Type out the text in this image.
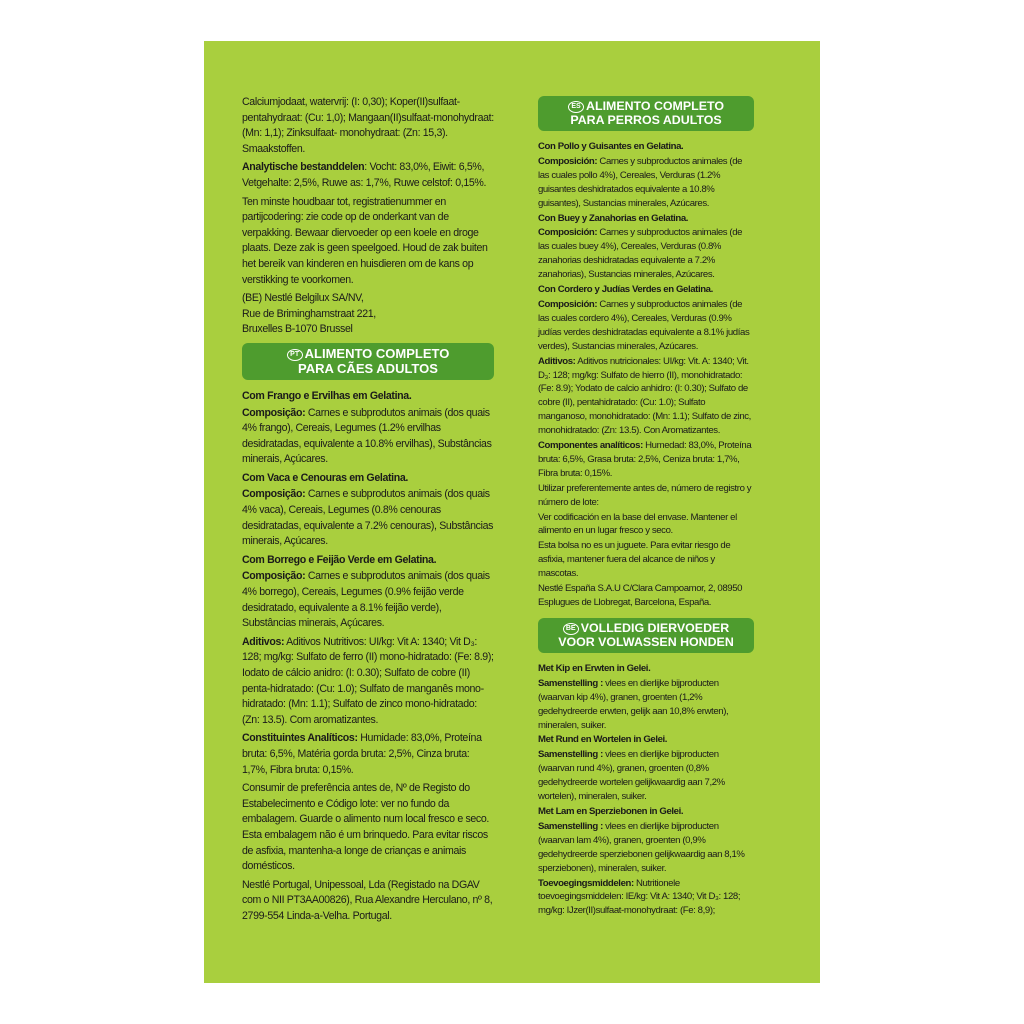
Calciumjodaat, watervrij: (I: 0,30); Koper(II)sulfaat-pentahydraat: (Cu: 1,0); Mangaan(II)sulfaat-monohydraat: (Mn: 1,1); Zinksulfaat- monohydraat: (Zn: 15,3). Smaakstoffen.

Analytische bestanddelen: Vocht: 83,0%, Eiwit: 6,5%, Vetgehalte: 2,5%, Ruwe as: 1,7%, Ruwe celstof: 0,15%.

Ten minste houdbaar tot, registratienummer en partijcodering: zie code op de onderkant van de verpakking. Bewaar diervoeder op een koele en droge plaats. Deze zak is geen speelgoed. Houd de zak buiten het bereik van kinderen en huisdieren om de kans op verstikking te voorkomen.

(BE) Nestlé Belgilux SA/NV,
Rue de Briminghamstraat 221,
Bruxelles B-1070 Brussel

PT ALIMENTO COMPLETO
PARA CÃES ADULTOS

Com Frango e Ervilhas em Gelatina.

Composição: Carnes e subprodutos animais (dos quais 4% frango), Cereais, Legumes (1.2% ervilhas desidratadas, equivalente a 10.8% ervilhas), Substâncias minerais, Açúcares.

Com Vaca e Cenouras em Gelatina.

Composição: Carnes e subprodutos animais (dos quais 4% vaca), Cereais, Legumes (0.8% cenouras desidratadas, equivalente a 7.2% cenouras), Substâncias minerais, Açúcares.

Com Borrego e Feijão Verde em Gelatina.

Composição: Carnes e subprodutos animais (dos quais 4% borrego), Cereais, Legumes (0.9% feijão verde desidratado, equivalente a 8.1% feijão verde), Substâncias minerais, Açúcares.

Aditivos: Aditivos Nutritivos: UI/kg: Vit A: 1340; Vit D₃: 128; mg/kg: Sulfato de ferro (II) mono-hidratado: (Fe: 8.9); Iodato de cálcio anidro: (I: 0.30); Sulfato de cobre (II) penta-hidratado: (Cu: 1.0); Sulfato de manganês mono-hidratado: (Mn: 1.1); Sulfato de zinco mono-hidratado: (Zn: 13.5). Com aromatizantes.

Constituintes Analíticos: Humidade: 83,0%, Proteína bruta: 6,5%, Matéria gorda bruta: 2,5%, Cinza bruta: 1,7%, Fibra bruta: 0,15%.

Consumir de preferência antes de, Nº de Registo do Estabelecimento e Código lote: ver no fundo da embalagem. Guarde o alimento num local fresco e seco. Esta embalagem não é um brinquedo. Para evitar riscos de asfixia, mantenha-a longe de crianças e animais domésticos.

Nestlé Portugal, Unipessoal, Lda (Registado na DGAV com o NII PT3AA00826), Rua Alexandre Herculano, nº 8, 2799-554 Linda-a-Velha. Portugal.

ES ALIMENTO COMPLETO
PARA PERROS ADULTOS

Con Pollo y Guisantes en Gelatina.

Composición: Carnes y subproductos animales (de las cuales pollo 4%), Cereales, Verduras (1.2% guisantes deshidratados equivalente a 10.8% guisantes), Sustancias minerales, Azúcares.

Con Buey y Zanahorias en Gelatina.

Composición: Carnes y subproductos animales (de las cuales buey 4%), Cereales, Verduras (0.8% zanahorias deshidratadas equivalente a 7.2% zanahorias), Sustancias minerales, Azúcares.

Con Cordero y Judías Verdes en Gelatina.

Composición: Carnes y subproductos animales (de las cuales cordero 4%), Cereales, Verduras (0.9% judías verdes deshidratadas equivalente a 8.1% judías verdes), Sustancias minerales, Azúcares.

Aditivos: Aditivos nutricionales: UI/kg: Vit. A: 1340; Vit. D₃: 128; mg/kg: Sulfato de hierro (II), monohidratado: (Fe: 8.9); Yodato de calcio anhidro: (I: 0.30); Sulfato de cobre (II), pentahidratado: (Cu: 1.0); Sulfato manganoso, monohidratado: (Mn: 1.1); Sulfato de zinc, monohidratado: (Zn: 13.5). Con Aromatizantes.

Componentes analíticos: Humedad: 83,0%, Proteína bruta: 6,5%, Grasa bruta: 2,5%, Ceniza bruta: 1,7%, Fibra bruta: 0,15%.

Utilizar preferentemente antes de, número de registro y número de lote:

Ver codificación en la base del envase. Mantener el alimento en un lugar fresco y seco.

Esta bolsa no es un juguete. Para evitar riesgo de asfixia, mantener fuera del alcance de niños y mascotas.

Nestlé España S.A.U C/Clara Campoamor, 2, 08950 Esplugues de Llobregat, Barcelona, España.

BE VOLLEDIG DIERVOEDER
VOOR VOLWASSEN HONDEN

Met Kip en Erwten in Gelei.

Samenstelling : vlees en dierlijke bijproducten (waarvan kip 4%), granen, groenten (1,2% gedehydreerde erwten, gelijk aan 10,8% erwten), mineralen, suiker.

Met Rund en Wortelen in Gelei.

Samenstelling : vlees en dierlijke bijproducten (waarvan rund 4%), granen, groenten (0,8% gedehydreerde wortelen gelijkwaardig aan 7,2% wortelen), mineralen, suiker.

Met Lam en Sperziebonen in Gelei.

Samenstelling : vlees en dierlijke bijproducten (waarvan lam 4%), granen, groenten (0,9% gedehydreerde sperziebonen gelijkwaardig aan 8,1% sperziebonen), mineralen, suiker.

Toevoegingsmiddelen: Nutritionele toevoegingsmiddelen: IE/kg: Vit A: 1340; Vit D₃: 128; mg/kg: IJzer(II)sulfaat-monohydraat: (Fe: 8,9);
